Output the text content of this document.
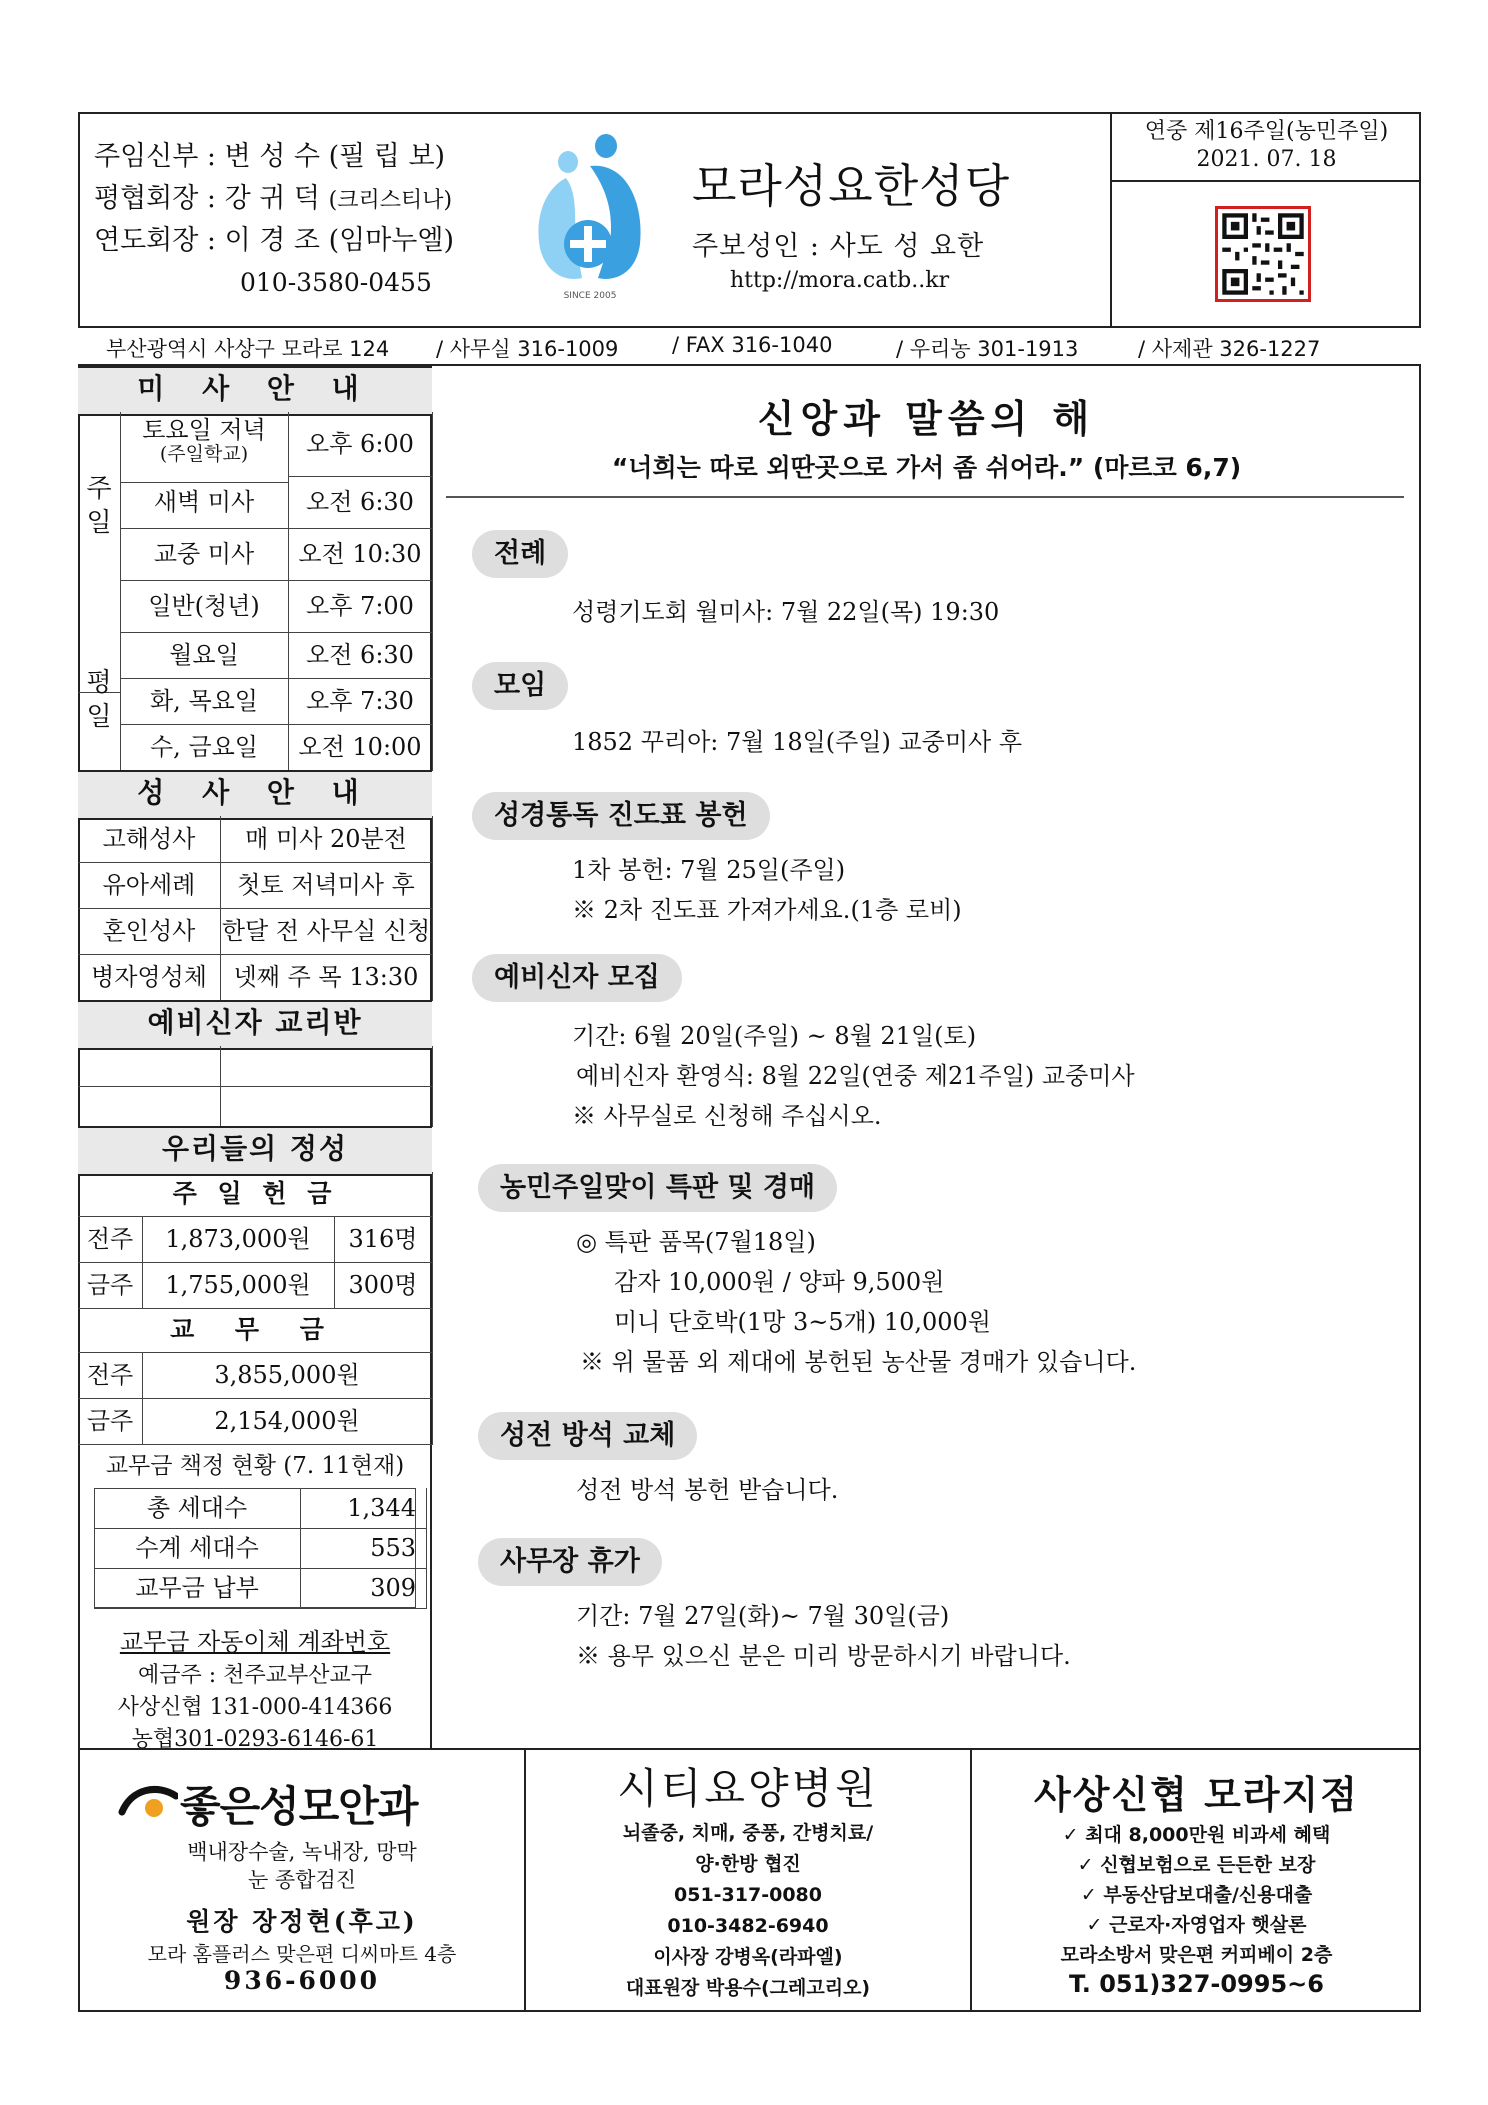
주임신부 : 변 성 수 (필 립 보)
평협회장 : 강 귀 덕 (크리스티나)
연도회장 : 이 경 조 (임마누엘)
010-3580-0455	SINCE 2005
모라성요한성당
주보성인 : 사도 성 요한
http://mora.catb..kr
연중 제16주일(농민주일)
2021. 07. 18
부산광역시 사상구 모라로 124 / 사무실 316-1009	/ FAX 316-1040	/ 우리농 301-1913	/ 사제관 326-1227
미 사 안 내
주
일
토요일 저녁
(주일학교)	오후 6:00
새벽 미사	오전 6:30
교중 미사	오전 10:30
일반(청년)	오후 7:00
평
일
월요일	오전 6:30
화, 목요일	오후 7:30
수, 금요일	오전 10:00
성 사 안 내
고해성사	매 미사 20분전
유아세례	첫토 저녁미사 후
혼인성사	한달 전 사무실 신청
병자영성체	넷째 주 목 13:30
예비신자 교리반
우리들의 정성
주 일 헌 금
전주	1,873,000원	316명
금주	1,755,000원	300명
교 무 금
전주	3,855,000원
금주	2,154,000원
교무금 책정 현황 (7. 11현재)
총 세대수	1,344
수계 세대수	553
교무금 납부	309
교무금 자동이체 계좌번호
예금주 : 천주교부산교구
사상신협 131-000-414366
농협301-0293-6146-61
신앙과 말씀의 해
“너희는 따로 외딴곳으로 가서 좀 쉬어라.” (마르코 6,7)
전례
성령기도회 월미사: 7월 22일(목) 19:30
모임
1852 꾸리아: 7월 18일(주일) 교중미사 후
성경통독 진도표 봉헌
1차 봉헌: 7월 25일(주일)
※ 2차 진도표 가져가세요.(1층 로비)
예비신자 모집
기간: 6월 20일(주일) ~ 8월 21일(토)
예비신자 환영식: 8월 22일(연중 제21주일) 교중미사
※ 사무실로 신청해 주십시오.
농민주일맞이 특판 및 경매
◎ 특판 품목(7월18일)
감자 10,000원 / 양파 9,500원
미니 단호박(1망 3~5개) 10,000원
※ 위 물품 외 제대에 봉헌된 농산물 경매가 있습니다.
성전 방석 교체
성전 방석 봉헌 받습니다.
사무장 휴가
기간: 7월 27일(화)~ 7월 30일(금)
※ 용무 있으신 분은 미리 방문하시기 바랍니다.
좋은성모안과
백내장수술, 녹내장, 망막
눈 종합검진
원장 장정현(후고)
모라 홈플러스 맞은편 디씨마트 4층
936-6000
시티요양병원
뇌졸중, 치매, 중풍, 간병치료/
양·한방 협진
051-317-0080
010-3482-6940
이사장 강병옥(라파엘)
대표원장 박용수(그레고리오)
사상신협 모라지점
✓ 최대 8,000만원 비과세 혜택
✓ 신협보험으로 든든한 보장
✓ 부동산담보대출/신용대출
✓ 근로자·자영업자 햇살론
모라소방서 맞은편 커피베이 2층
T. 051)327-0995~6
